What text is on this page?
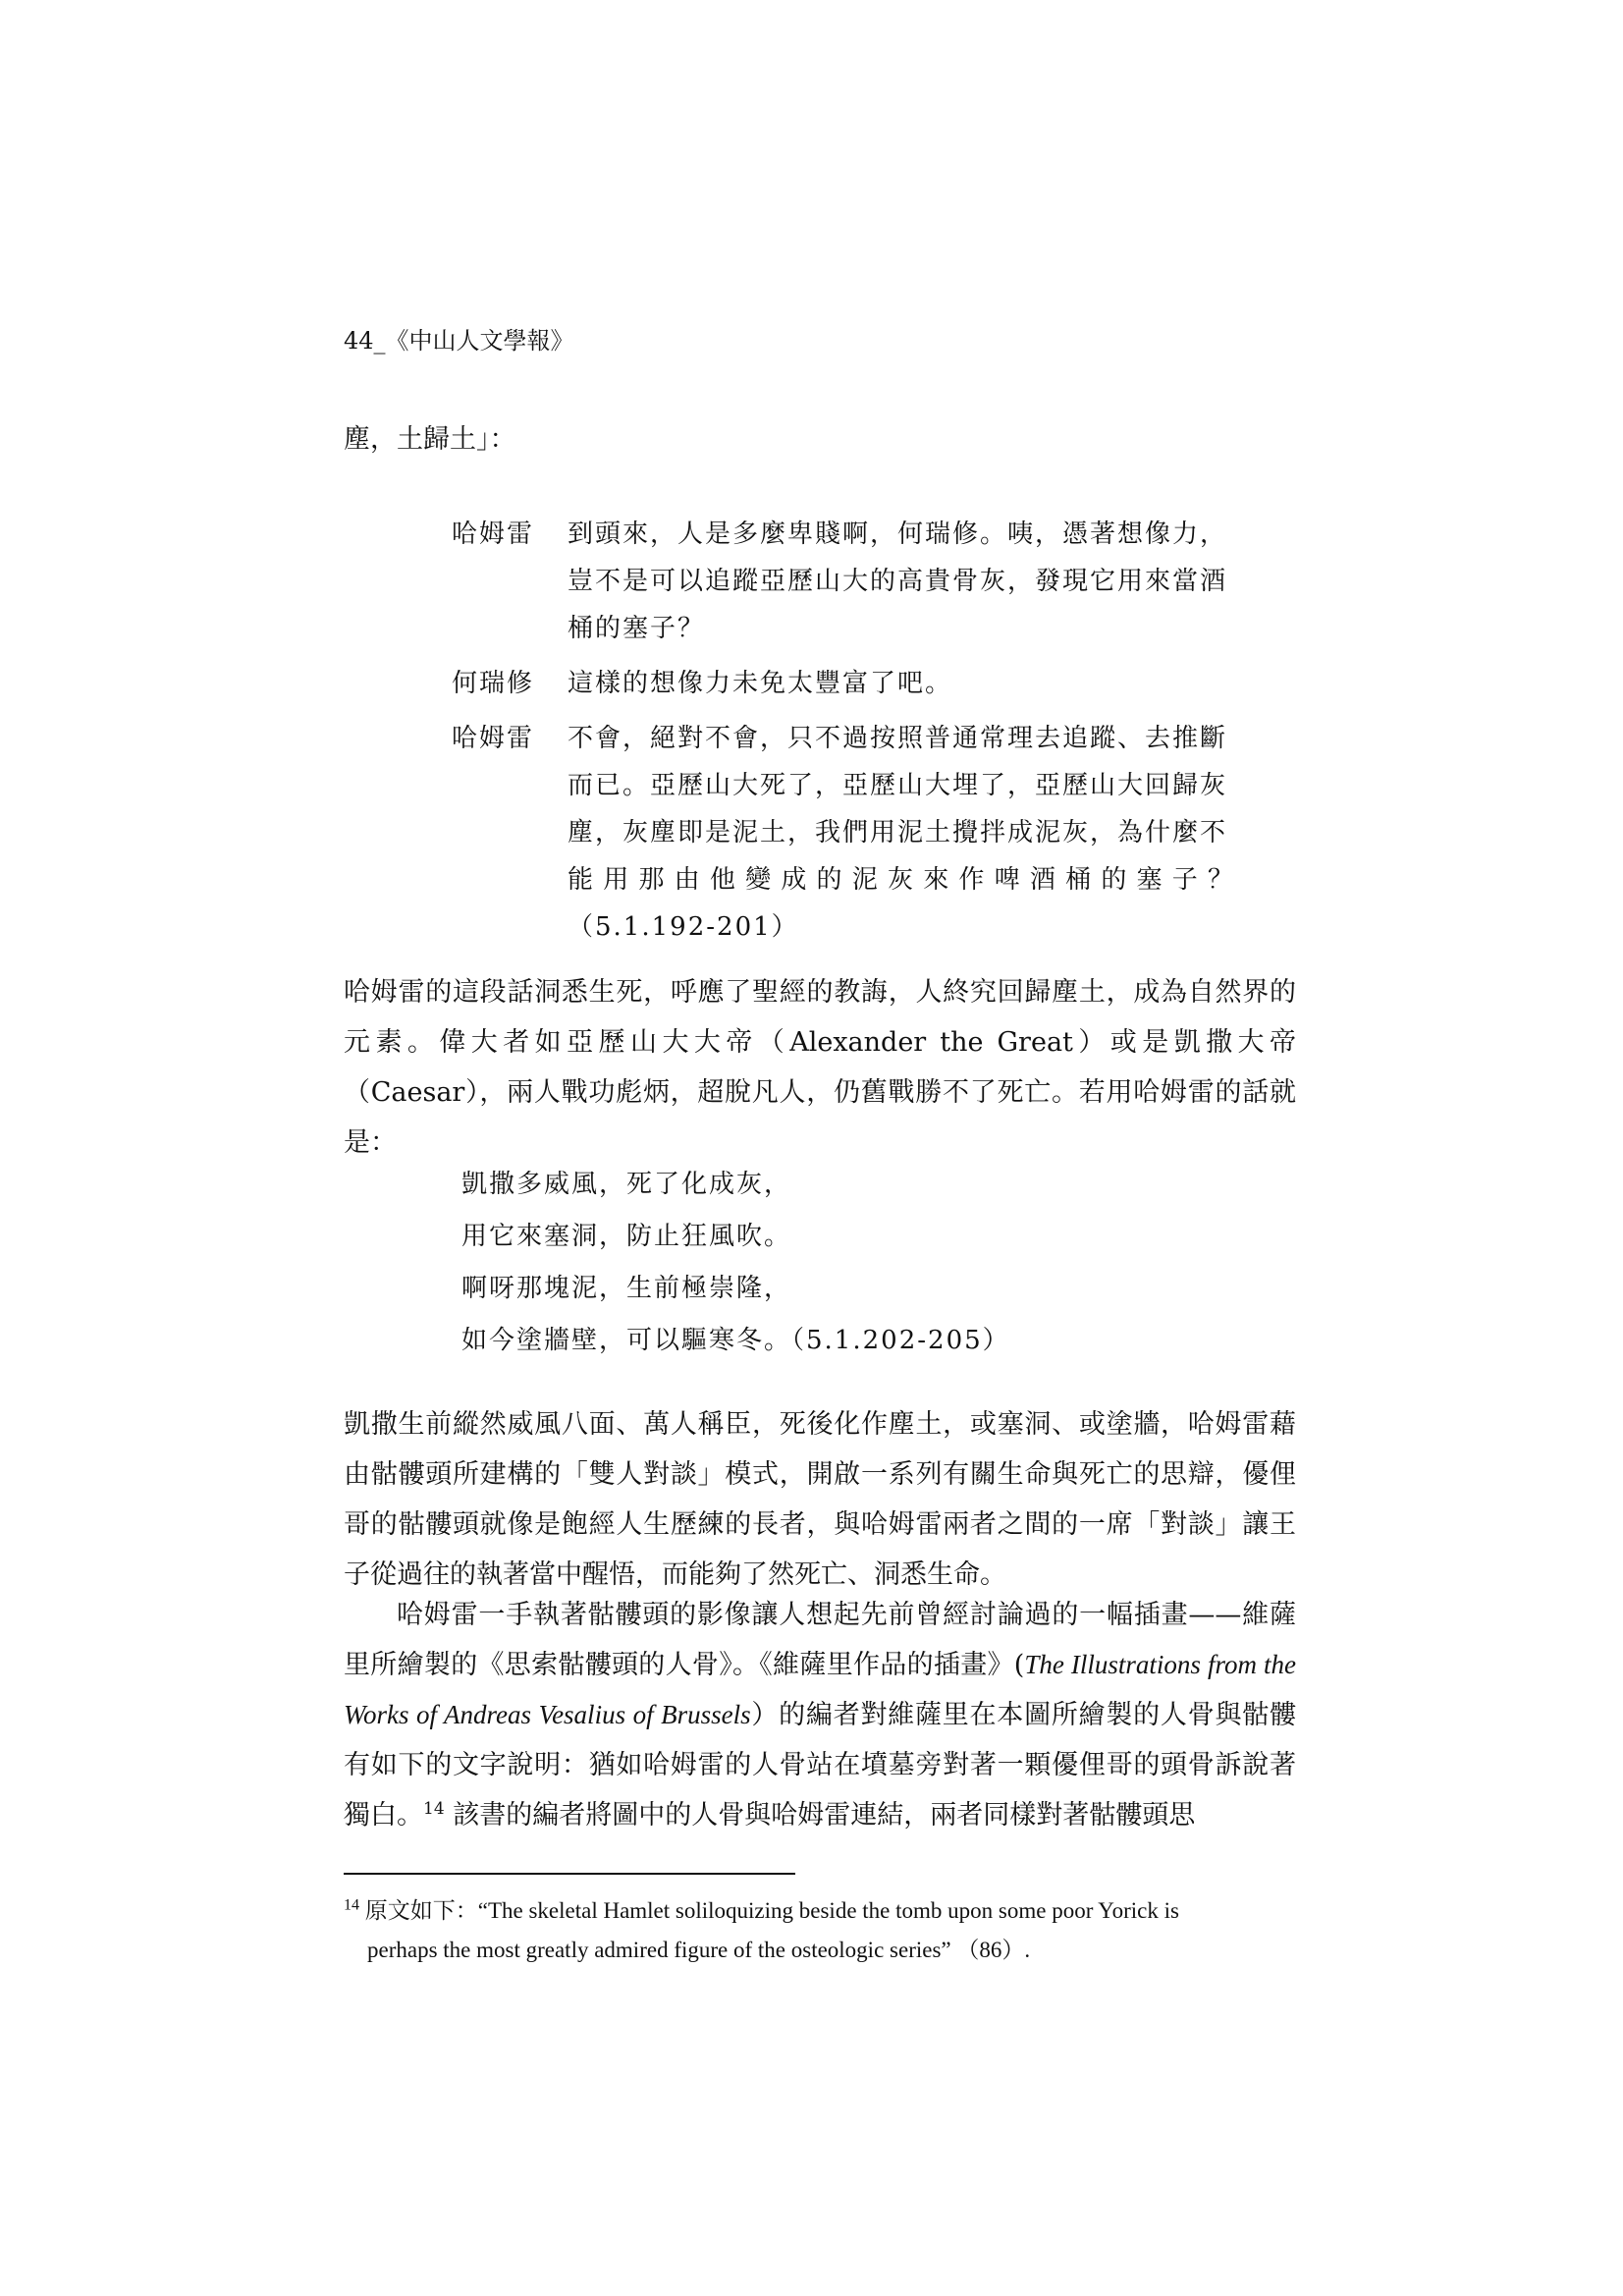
44_《中山人文學報》
塵，土歸土」：
哈姆雷	到頭來，人是多麼卑賤啊，何瑞修。咦，憑著想像力，
豈不是可以追蹤亞歷山大的高貴骨灰，發現它用來當酒
桶的塞子？
何瑞修	這樣的想像力未免太豐富了吧。
哈姆雷	不會，絕對不會，只不過按照普通常理去追蹤、去推斷
而已。亞歷山大死了，亞歷山大埋了，亞歷山大回歸灰
塵，灰塵即是泥土，我們用泥土攪拌成泥灰，為什麼不
能用那由他變成的泥灰來作啤酒桶的塞子？
（5.1.192-201）
哈姆雷的這段話洞悉生死，呼應了聖經的教誨，人終究回歸塵土，成為自然界的元素。偉大者如亞歷山大大帝（Alexander the Great）或是凱撒大帝（Caesar），兩人戰功彪炳，超脫凡人，仍舊戰勝不了死亡。若用哈姆雷的話就是：
凱撒多威風，死了化成灰，
用它來塞洞，防止狂風吹。
啊呀那塊泥，生前極崇隆，
如今塗牆壁，可以驅寒冬。（5.1.202-205）
凱撒生前縱然威風八面、萬人稱臣，死後化作塵土，或塞洞、或塗牆，哈姆雷藉由骷髏頭所建構的「雙人對談」模式，開啟一系列有關生命與死亡的思辯，優俚哥的骷髏頭就像是飽經人生歷練的長者，與哈姆雷兩者之間的一席「對談」讓王子從過往的執著當中醒悟，而能夠了然死亡、洞悉生命。
哈姆雷一手執著骷髏頭的影像讓人想起先前曾經討論過的一幅插畫——維薩里所繪製的《思索骷髏頭的人骨》。《維薩里作品的插畫》(The Illustrations from the Works of Andreas Vesalius of Brussels）的編者對維薩里在本圖所繪製的人骨與骷髏有如下的文字說明：猶如哈姆雷的人骨站在墳墓旁對著一顆優俚哥的頭骨訴說著獨白。$^{14}$ 該書的編者將圖中的人骨與哈姆雷連結，兩者同樣對著骷髏頭思
$^{14}$ 原文如下：“The skeletal Hamlet soliloquizing beside the tomb upon some poor Yorick is
perhaps the most greatly admired figure of the osteologic series” （86）.
